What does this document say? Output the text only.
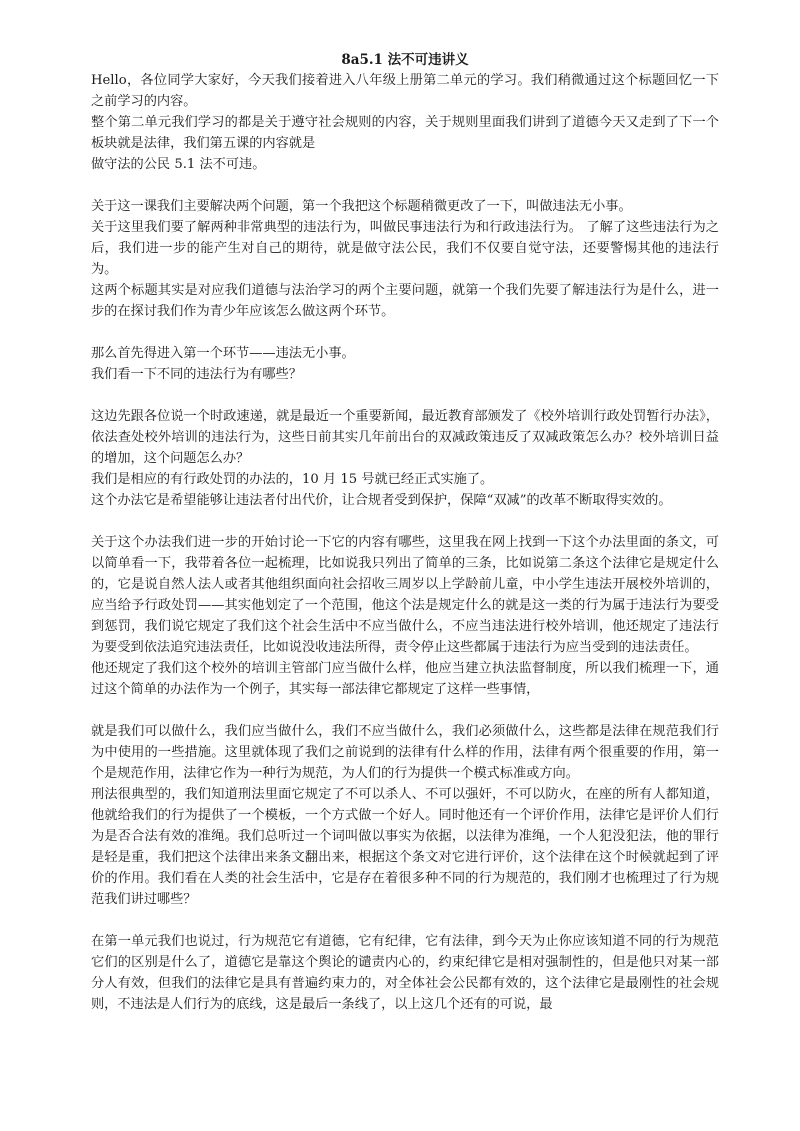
8a5.1 法不可违讲义

Hello，各位同学大家好，今天我们接着进入八年级上册第二单元的学习。我们稍微通过这个标题回忆一下之前学习的内容。

整个第二单元我们学习的都是关于遵守社会规则的内容，关于规则里面我们讲到了道德今天又走到了下一个板块就是法律，我们第五课的内容就是

做守法的公民 5.1 法不可违。

关于这一课我们主要解决两个问题，第一个我把这个标题稍微更改了一下，叫做违法无小事。

关于这里我们要了解两种非常典型的违法行为，叫做民事违法行为和行政违法行为。 了解了这些违法行为之后，我们进一步的能产生对自己的期待，就是做守法公民，我们不仅要自觉守法，还要警惕其他的违法行为。

这两个标题其实是对应我们道德与法治学习的两个主要问题，就第一个我们先要了解违法行为是什么，进一步的在探讨我们作为青少年应该怎么做这两个环节。

那么首先得进入第一个环节——违法无小事。

我们看一下不同的违法行为有哪些？

这边先跟各位说一个时政速递，就是最近一个重要新闻，最近教育部颁发了《校外培训行政处罚暂行办法》，依法查处校外培训的违法行为，这些日前其实几年前出台的双减政策违反了双减政策怎么办？校外培训日益的增加，这个问题怎么办？

我们是相应的有行政处罚的办法的，10 月 15 号就已经正式实施了。

这个办法它是希望能够让违法者付出代价，让合规者受到保护，保障“双减”的改革不断取得实效的。

关于这个办法我们进一步的开始讨论一下它的内容有哪些，这里我在网上找到一下这个办法里面的条文，可以简单看一下，我带着各位一起梳理，比如说我只列出了简单的三条，比如说第二条这个法律它是规定什么的，它是说自然人法人或者其他组织面向社会招收三周岁以上学龄前儿童，中小学生违法开展校外培训的，应当给予行政处罚——其实他划定了一个范围，他这个法是规定什么的就是这一类的行为属于违法行为要受到惩罚，我们说它规定了我们这个社会生活中不应当做什么，不应当违法进行校外培训，他还规定了违法行为要受到依法追究违法责任，比如说没收违法所得，责令停止这些都属于违法行为应当受到的违法责任。

他还规定了我们这个校外的培训主管部门应当做什么样，他应当建立执法监督制度，所以我们梳理一下，通过这个简单的办法作为一个例子，其实每一部法律它都规定了这样一些事情，

就是我们可以做什么，我们应当做什么，我们不应当做什么，我们必须做什么，这些都是法律在规范我们行为中使用的一些措施。这里就体现了我们之前说到的法律有什么样的作用，法律有两个很重要的作用，第一个是规范作用，法律它作为一种行为规范，为人们的行为提供一个模式标准或方向。

刑法很典型的，我们知道刑法里面它规定了不可以杀人、不可以强奸，不可以防火，在座的所有人都知道，他就给我们的行为提供了一个模板，一个方式做一个好人。同时他还有一个评价作用，法律它是评价人们行为是否合法有效的准绳。我们总听过一个词叫做以事实为依据，以法律为准绳，一个人犯没犯法，他的罪行是轻是重，我们把这个法律出来条文翻出来，根据这个条文对它进行评价，这个法律在这个时候就起到了评价的作用。我们看在人类的社会生活中，它是存在着很多种不同的行为规范的，我们刚才也梳理过了行为规范我们讲过哪些？

在第一单元我们也说过，行为规范它有道德，它有纪律，它有法律，到今天为止你应该知道不同的行为规范它们的区别是什么了，道德它是靠这个舆论的谴责内心的，约束纪律它是相对强制性的，但是他只对某一部分人有效，但我们的法律它是具有普遍约束力的，对全体社会公民都有效的，这个法律它是最刚性的社会规则，不违法是人们行为的底线，这是最后一条线了，以上这几个还有的可说，最
